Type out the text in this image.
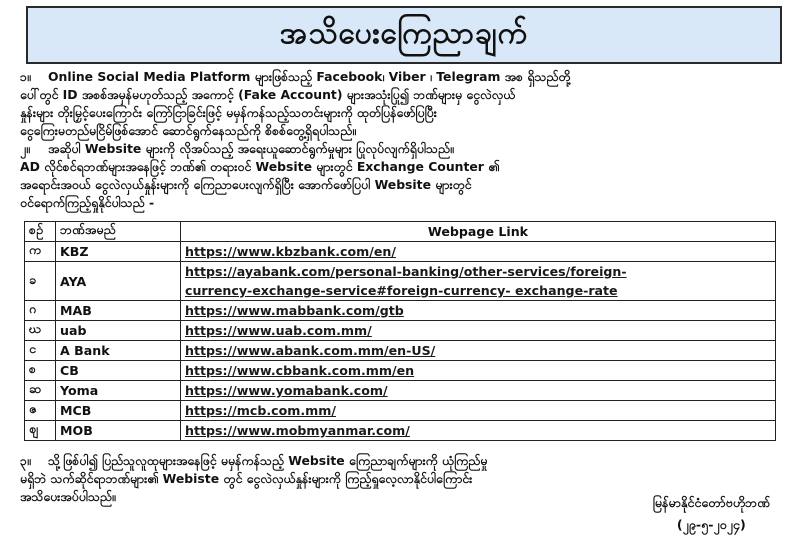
အသိပေးကြေညာချက်
၁။ Online Social Media Platform များဖြစ်သည့် Facebook၊ Viber ၊ Telegram အစ ရှိသည်တို့
ပေါ်တွင် ID အစစ်အမှန်မဟုတ်သည့် အကောင့် (Fake Account) များအသုံးပြု၍ ဘဏ်များမှ ငွေလဲလှယ်
နှုန်းများ တိုးမြှင့်ပေးကြောင်း ကြော်ငြာခြင်းဖြင့် မမှန်ကန်သည့်သတင်းများကို ထုတ်ပြန်ဖော်ပြပြီး
ငွေကြေးမတည်မငြိမ်ဖြစ်အောင် ဆောင်ရွက်နေသည်ကို စိစစ်တွေ့ရှိရပါသည်။
၂။ အဆိုပါ Website များကို လိုအပ်သည့် အရေးယူဆောင်ရွက်မှုများ ပြုလုပ်လျက်ရှိပါသည်။
AD လိုင်စင်ရဘဏ်များအနေဖြင့် ဘဏ်၏ တရားဝင် Website များတွင် Exchange Counter ၏
အရောင်းအဝယ် ငွေလဲလှယ်နှုန်းများကို ကြေညာပေးလျက်ရှိပြီး အောက်ဖော်ပြပါ Website များတွင်
ဝင်ရောက်ကြည့်ရှုနိုင်ပါသည် -
စဉ်	ဘဏ်အမည်	Webpage Link
က	KBZ	https://www.kbzbank.com/en/

ခ	AYA	https://ayabank.com/personal-banking/other-services/foreign-
currency-exchange-service#foreign-currency- exchange-rate

ဂ	MAB	https://www.mabbank.com/gtb

ဃ	uab	https://www.uab.com.mm/

င	A Bank	https://www.abank.com.mm/en-US/

စ	CB	https://www.cbbank.com.mm/en

ဆ	Yoma	https://www.yomabank.com/

ဇ	MCB	https://mcb.com.mm/

ဈ	MOB	https://www.mobmyanmar.com/
၃။ သို့ဖြစ်ပါ၍ ပြည်သူလူထုများအနေဖြင့် မမှန်ကန်သည့် Website ကြေညာချက်များကို ယုံကြည်မှု
မရှိဘဲ သက်ဆိုင်ရာဘဏ်များ၏ Webiste တွင် ငွေလဲလှယ်နှုန်းများကို ကြည့်ရှုလေ့လာနိုင်ပါကြောင်း
အသိပေးအပ်ပါသည်။	မြန်မာနိုင်ငံတော်ဗဟိုဘဏ်
(၂၉-၅-၂၀၂၄)
